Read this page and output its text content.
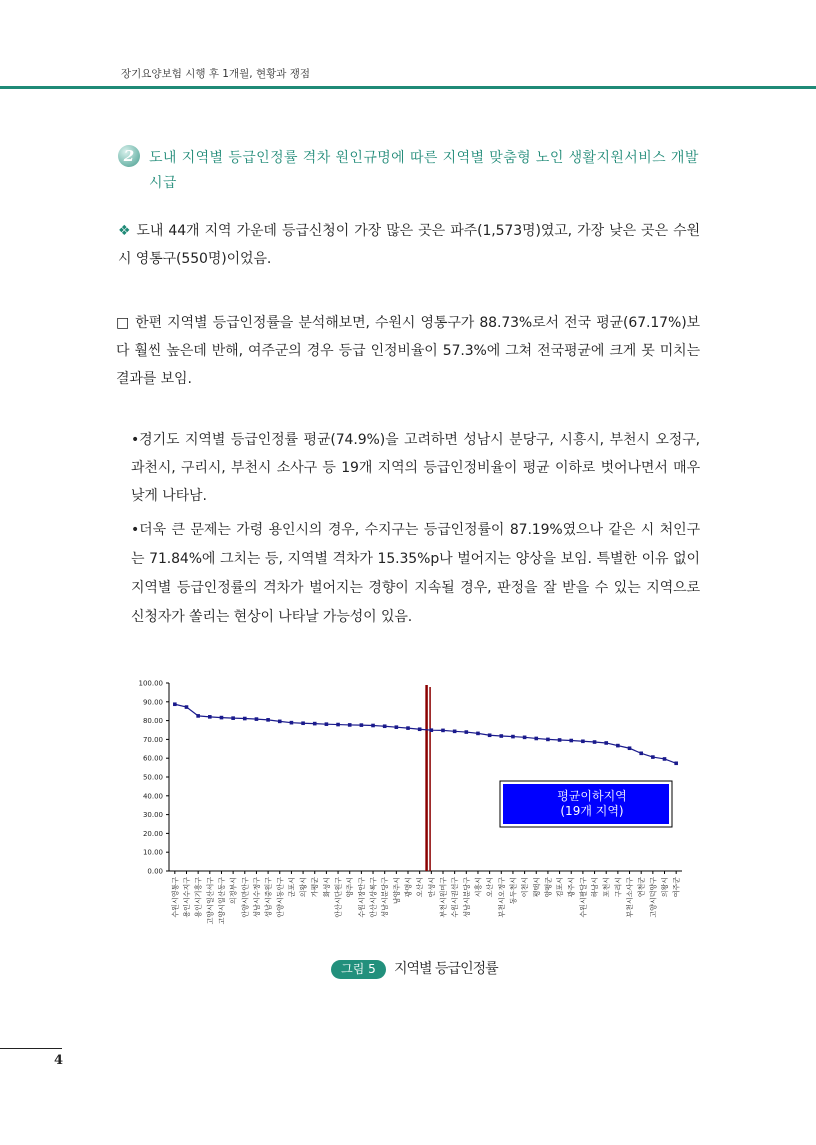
장기요양보험 시행 후 1개월, 현황과 쟁점
2	도내 지역별 등급인정률 격차 원인규명에 따른 지역별 맞춤형 노인 생활지원서비스 개발 시급
❖ 도내 44개 지역 가운데 등급신청이 가장 많은 곳은 파주(1,573명)였고, 가장 낮은 곳은 수원시 영통구(550명)이었음.
□ 한편 지역별 등급인정률을 분석해보면, 수원시 영통구가 88.73%로서 전국 평균(67.17%)보다 훨씬 높은데 반해, 여주군의 경우 등급 인정비율이 57.3%에 그쳐 전국평균에 크게 못 미치는 결과를 보임.
•경기도 지역별 등급인정률 평균(74.9%)을 고려하면 성남시 분당구, 시흥시, 부천시 오정구, 과천시, 구리시, 부천시 소사구 등 19개 지역의 등급인정비율이 평균 이하로 벗어나면서 매우 낮게 나타남.
•더욱 큰 문제는 가령 용인시의 경우, 수지구는 등급인정률이 87.19%였으나 같은 시 처인구는 71.84%에 그치는 등, 지역별 격차가 15.35%p나 벌어지는 양상을 보임. 특별한 이유 없이 지역별 등급인정률의 격차가 벌어지는 경향이 지속될 경우, 판정을 잘 받을 수 있는 지역으로 신청자가 쏠리는 현상이 나타날 가능성이 있음.
0.00
10.00
20.00
30.00
40.00
50.00
60.00
70.00
80.00
90.00
100.00
수원시영통구 용인시수지구 용인시기흥구 고양시일산서구 고양시일산동구 의정부시 안양시만안구 성남시수정구 성남시중원구 안양시동안구 군포시 의왕시 가평군 화성시 안산시단원구 양주시 수원시장안구 안산시상록구 성남시분당구 남양주시 광명시 오산시 안성시 부천시원미구 수원시권선구 성남시분당구 시흥시 오산시 부천시오정구 동두천시 이천시 평택시 양평군 김포시 광주시 수원시팔달구 하남시 포천시 구리시 부천시소사구 연천군 고양시덕양구 의왕시 여주군
평균이하지역
(19개 지역)
그림 5	지역별 등급인정률
4
